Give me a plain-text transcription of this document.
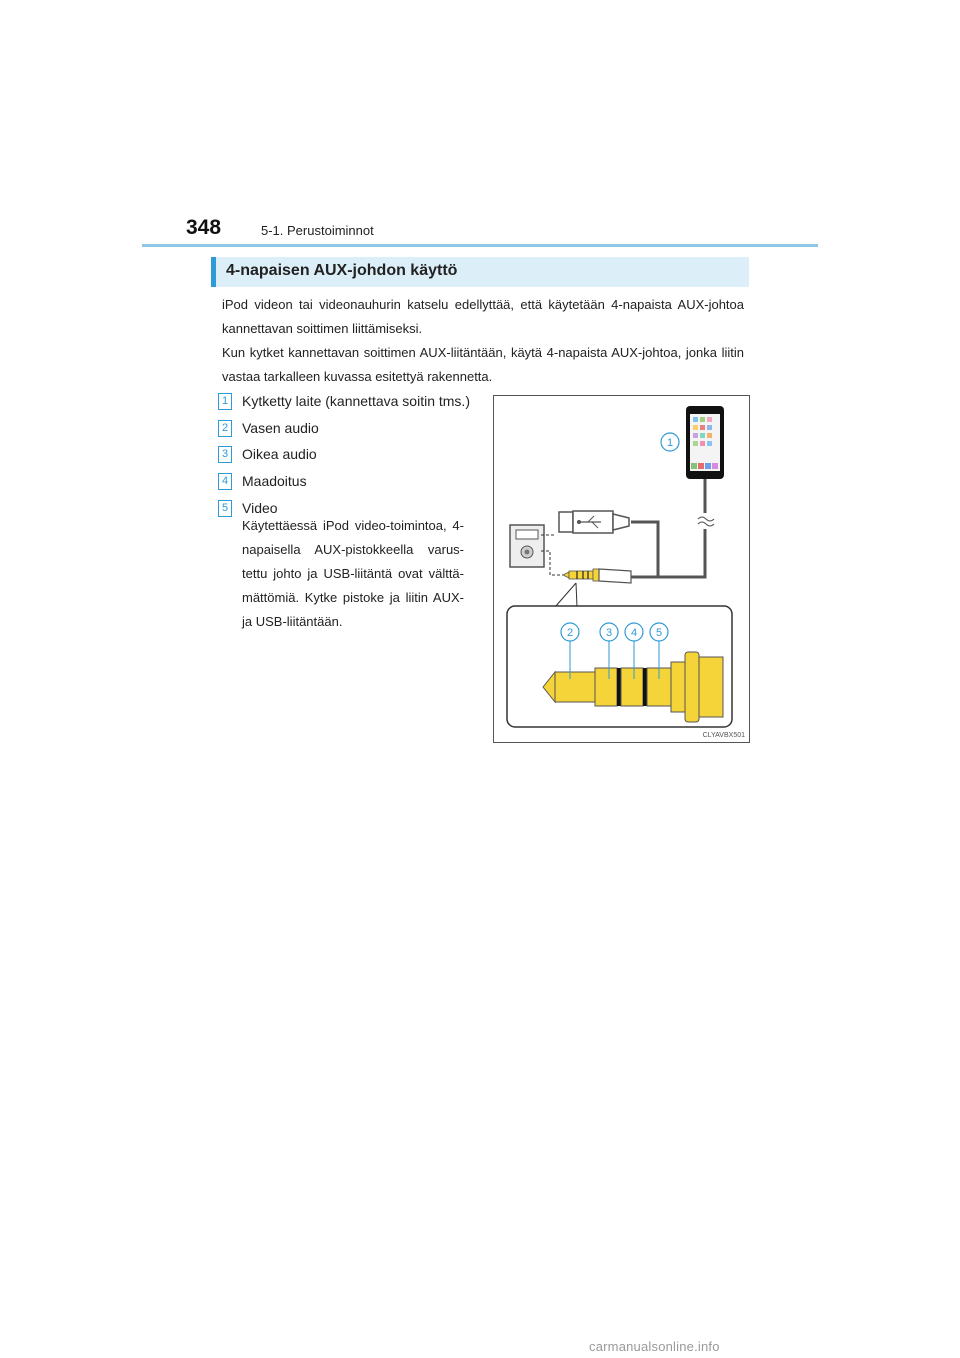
348	5-1. Perustoiminnot
4-napaisen AUX-johdon käyttö

iPod videon tai videonauhurin katselu edellyttää, että käytetään 4-napaista AUX-johtoa kannettavan soittimen liittämiseksi.

Kun kytket kannettavan soittimen AUX-liitäntään, käytä 4-napaista AUX-johtoa, jonka liitin vastaa tarkalleen kuvassa esitettyä rakennetta.

1 Kytketty laite (kannettava soitin tms.)
2 Vasen audio
3 Oikea audio
4 Maadoitus
5 Video

Käytettäessä iPod video-toimintoa, 4-napaisella AUX-pistokkeella varus-tettu johto ja USB-liitäntä ovat välttä-mättömiä. Kytke pistoke ja liitin AUX- ja USB-liitäntään.

1
2	3 4 5
CLYAVBX501
carmanualsonline.info
